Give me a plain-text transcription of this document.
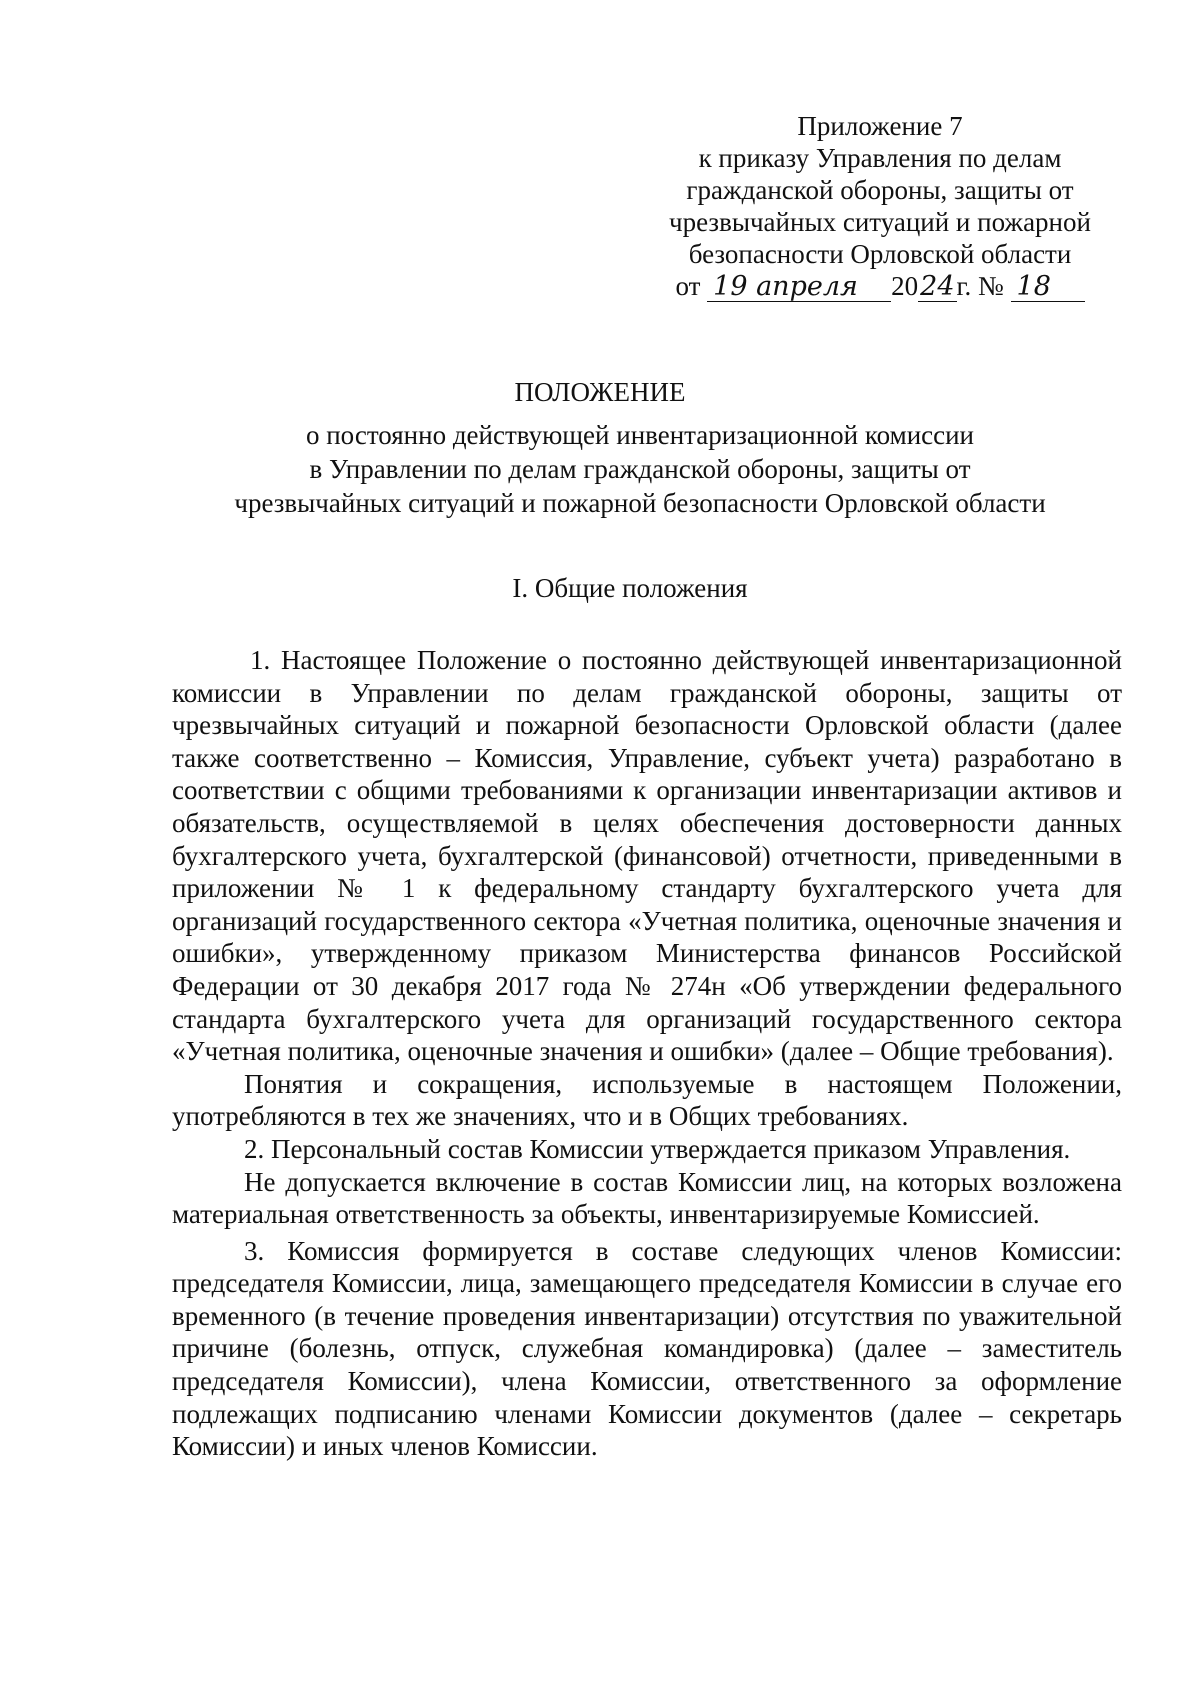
Приложение 7
к приказу Управления по делам
гражданской обороны, защиты от
чрезвычайных ситуаций и пожарной
безопасности Орловской области
от 19 апреля 2024г. № 18
ПОЛОЖЕНИЕ
о постоянно действующей инвентаризационной комиссии
в Управлении по делам гражданской обороны, защиты от
чрезвычайных ситуаций и пожарной безопасности Орловской области
I. Общие положения

1. Настоящее Положение о постоянно действующей инвентаризационной комиссии в Управлении по делам гражданской обороны, защиты от чрезвычайных ситуаций и пожарной безопасности Орловской области (далее также соответственно – Комиссия, Управление, субъект учета) разработано в соответствии с общими требованиями к организации инвентаризации активов и обязательств, осуществляемой в целях обеспечения достоверности данных бухгалтерского учета, бухгалтерской (финансовой) отчетности, приведенными в приложении № 1 к федеральному стандарту бухгалтерского учета для организаций государственного сектора «Учетная политика, оценочные значения и ошибки», утвержденному приказом Министерства финансов Российской Федерации от 30 декабря 2017 года № 274н «Об утверждении федерального стандарта бухгалтерского учета для организаций государственного сектора «Учетная политика, оценочные значения и ошибки» (далее – Общие требования).

Понятия и сокращения, используемые в настоящем Положении, употребляются в тех же значениях, что и в Общих требованиях.

2. Персональный состав Комиссии утверждается приказом Управления.

Не допускается включение в состав Комиссии лиц, на которых возложена материальная ответственность за объекты, инвентаризируемые Комиссией.

3. Комиссия формируется в составе следующих членов Комиссии: председателя Комиссии, лица, замещающего председателя Комиссии в случае его временного (в течение проведения инвентаризации) отсутствия по уважительной причине (болезнь, отпуск, служебная командировка) (далее – заместитель председателя Комиссии), члена Комиссии, ответственного за оформление подлежащих подписанию членами Комиссии документов (далее – секретарь Комиссии) и иных членов Комиссии.
